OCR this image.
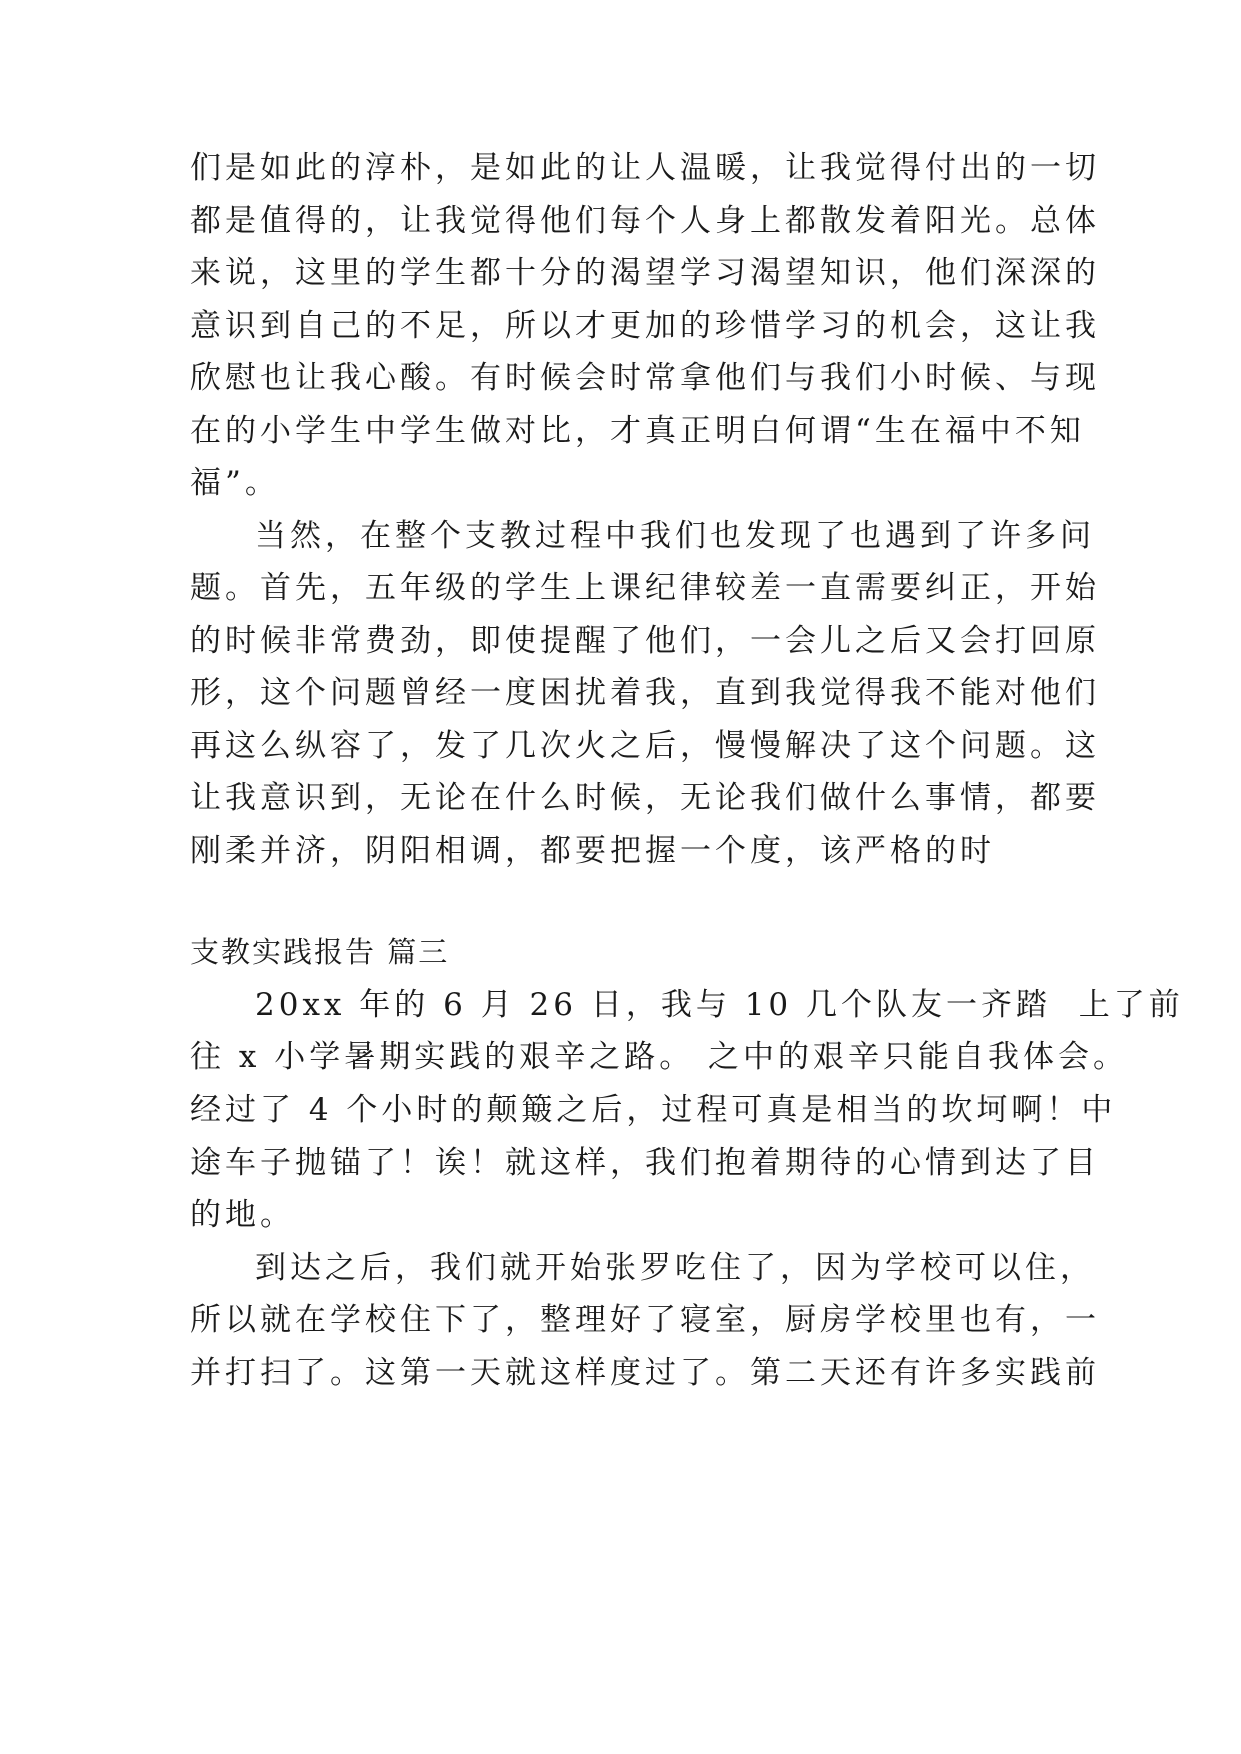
们是如此的淳朴，是如此的让人温暖，让我觉得付出的一切
都是值得的，让我觉得他们每个人身上都散发着阳光。总体
来说，这里的学生都十分的渴望学习渴望知识，他们深深的
意识到自己的不足，所以才更加的珍惜学习的机会，这让我
欣慰也让我心酸。有时候会时常拿他们与我们小时候、与现
在的小学生中学生做对比，才真正明白何谓“生在福中不知
福”。
当然，在整个支教过程中我们也发现了也遇到了许多问
题。首先，五年级的学生上课纪律较差一直需要纠正，开始
的时候非常费劲，即使提醒了他们，一会儿之后又会打回原
形，这个问题曾经一度困扰着我，直到我觉得我不能对他们
再这么纵容了，发了几次火之后，慢慢解决了这个问题。这
让我意识到，无论在什么时候，无论我们做什么事情，都要
刚柔并济，阴阳相调，都要把握一个度，该严格的时
支教实践报告 篇三
20xx 年的 6 月 26 日，我与 10 几个队友一齐踏  上了前
往 x 小学暑期实践的艰辛之路。 之中的艰辛只能自我体会。
经过了 4 个小时的颠簸之后，过程可真是相当的坎坷啊！中
途车子抛锚了！诶！就这样，我们抱着期待的心情到达了目
的地。
到达之后，我们就开始张罗吃住了，因为学校可以住，
所以就在学校住下了，整理好了寝室，厨房学校里也有，一
并打扫了。这第一天就这样度过了。第二天还有许多实践前
